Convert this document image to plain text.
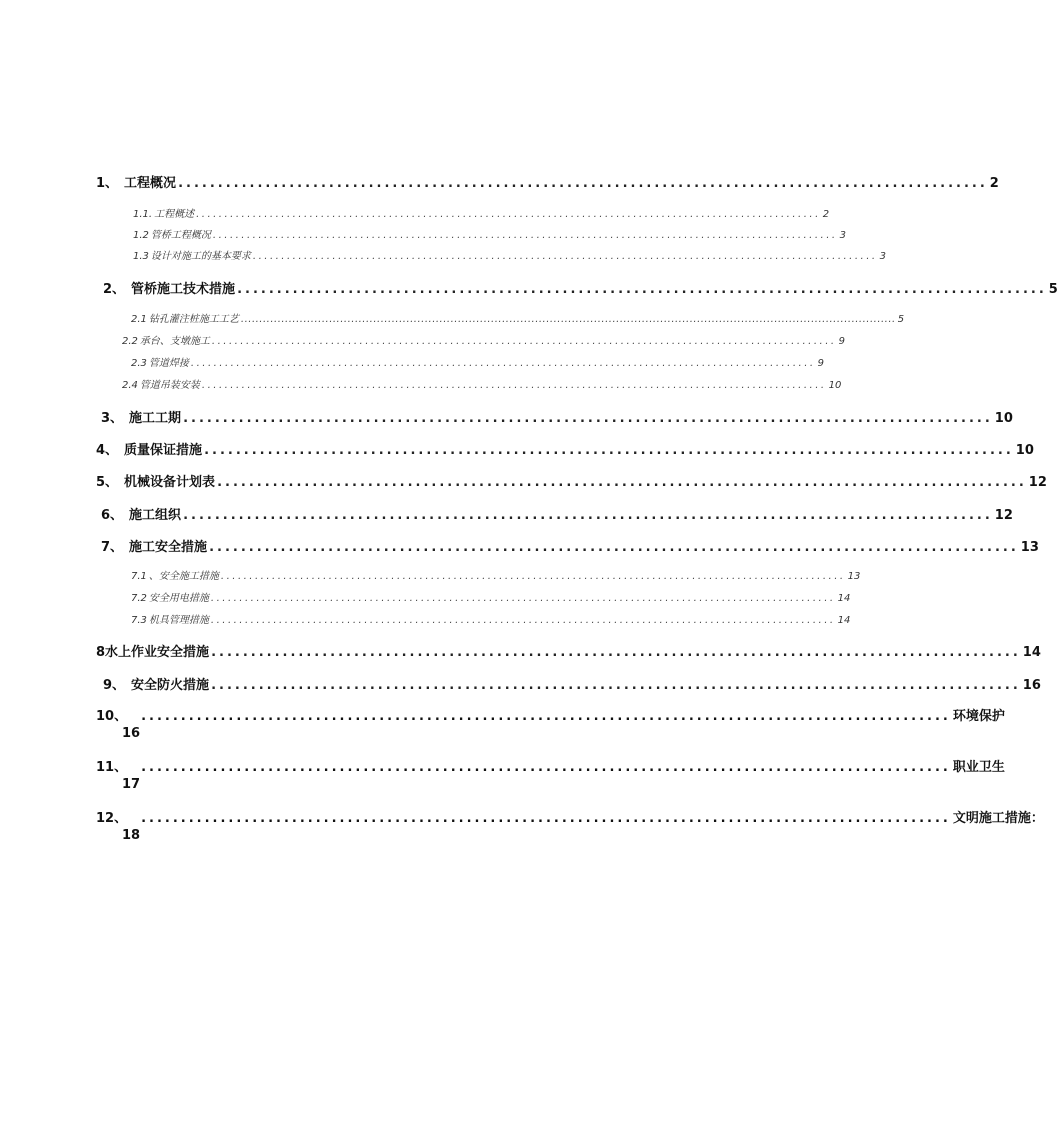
1、 工程概况 ...................................................................................................... 2
1.1. 工程概述 .............................................................................................................. 2
1.2 管桥工程概况 .............................................................................................................. 3
1.3 设计对施工的基本要求 .............................................................................................................. 3
2、 管桥施工技术措施 ...................................................................................................... 5
2.1 钻孔灌注桩施工工艺 .................................................................................................................................................................................. 5
2.2 承台、支墩施工 .............................................................................................................. 9
2.3 管道焊接 .............................................................................................................. 9
2.4 管道吊装安装 .............................................................................................................. 10
3、 施工工期 ...................................................................................................... 10
4、 质量保证措施 ...................................................................................................... 10
5、 机械设备计划表 ...................................................................................................... 12
6、 施工组织 ...................................................................................................... 12
7、 施工安全措施 ...................................................................................................... 13
7.1 、安全施工措施 .............................................................................................................. 13
7.2 安全用电措施 .............................................................................................................. 14
7.3 机具管理措施 .............................................................................................................. 14
8 水上作业安全措施 ...................................................................................................... 14
9、 安全防火措施 ...................................................................................................... 16
10、 ...................................................................................................... 环境保护
16
11、 ...................................................................................................... 职业卫生
17
12、 ...................................................................................................... 文明施工措施：
18
